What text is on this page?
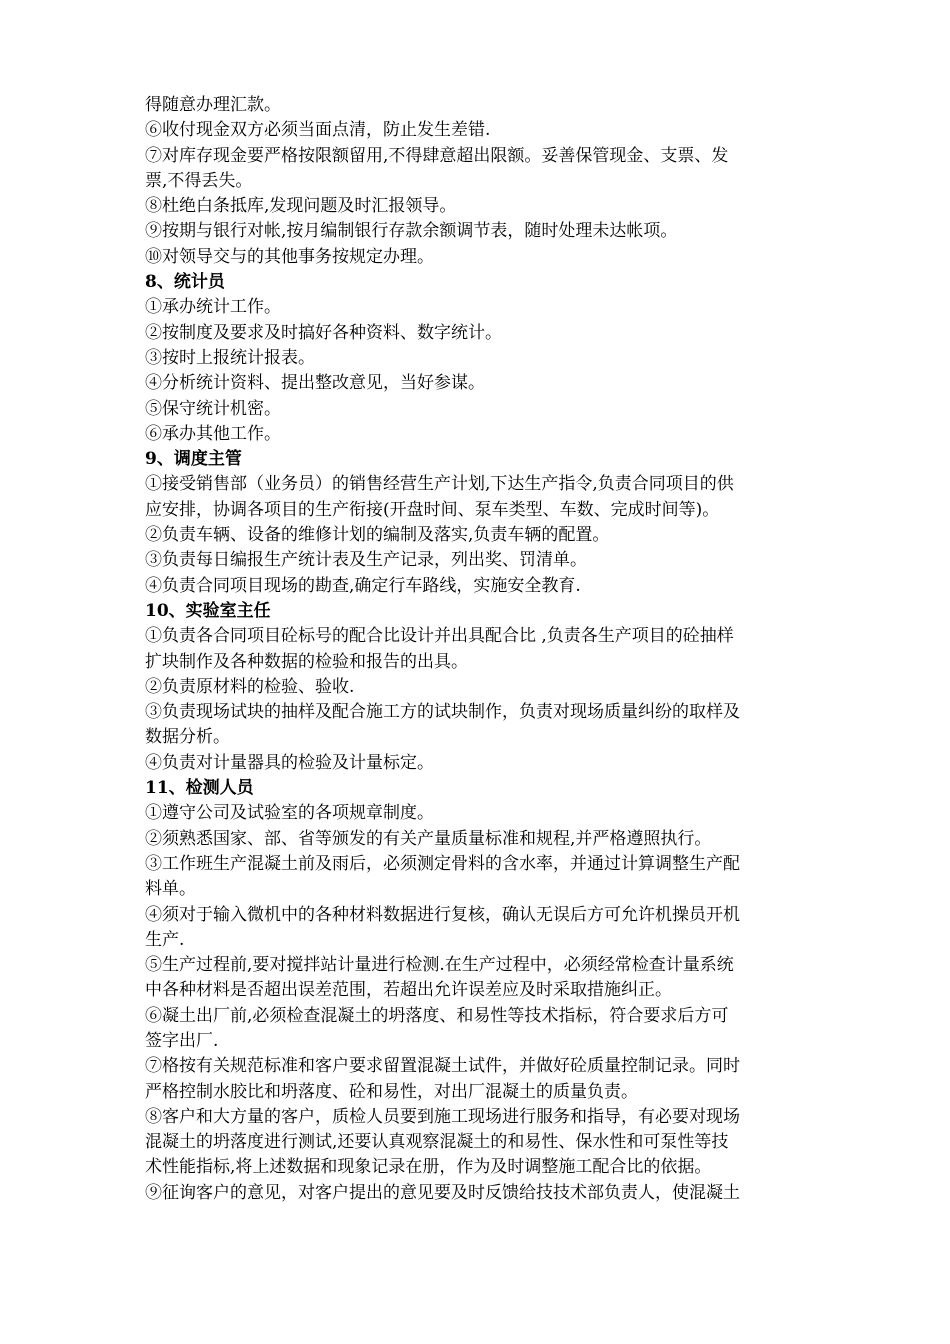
得随意办理汇款。
⑥收付现金双方必须当面点清，防止发生差错.
⑦对库存现金要严格按限额留用,不得肆意超出限额。妥善保管现金、支票、发
票,不得丢失。
⑧杜绝白条抵库,发现问题及时汇报领导。
⑨按期与银行对帐,按月编制银行存款余额调节表，随时处理未达帐项。
⑩对领导交与的其他事务按规定办理。
8、统计员
①承办统计工作。
②按制度及要求及时搞好各种资料、数字统计。
③按时上报统计报表。
④分析统计资料、提出整改意见，当好参谋。
⑤保守统计机密。
⑥承办其他工作。
9、调度主管
①接受销售部（业务员）的销售经营生产计划,下达生产指令,负责合同项目的供
应安排，协调各项目的生产衔接(开盘时间、泵车类型、车数、完成时间等)。
②负责车辆、设备的维修计划的编制及落实,负责车辆的配置。
③负责每日编报生产统计表及生产记录，列出奖、罚清单。
④负责合同项目现场的勘查,确定行车路线，实施安全教育.
10、实验室主任
①负责各合同项目砼标号的配合比设计并出具配合比 ,负责各生产项目的砼抽样
扩块制作及各种数据的检验和报告的出具。
②负责原材料的检验、验收.
③负责现场试块的抽样及配合施工方的试块制作，负责对现场质量纠纷的取样及
数据分析。
④负责对计量器具的检验及计量标定。
11、检测人员
①遵守公司及试验室的各项规章制度。
②须熟悉国家、部、省等颁发的有关产量质量标准和规程,并严格遵照执行。
③工作班生产混凝土前及雨后，必须测定骨料的含水率，并通过计算调整生产配
料单。
④须对于输入微机中的各种材料数据进行复核，确认无误后方可允许机操员开机
生产.
⑤生产过程前,要对搅拌站计量进行检测.在生产过程中，必须经常检查计量系统
中各种材料是否超出误差范围，若超出允许误差应及时采取措施纠正。
⑥凝土出厂前,必须检查混凝土的坍落度、和易性等技术指标，符合要求后方可
签字出厂.
⑦格按有关规范标准和客户要求留置混凝土试件，并做好砼质量控制记录。同时
严格控制水胶比和坍落度、砼和易性，对出厂混凝土的质量负责。
⑧客户和大方量的客户，质检人员要到施工现场进行服务和指导，有必要对现场
混凝土的坍落度进行测试,还要认真观察混凝土的和易性、保水性和可泵性等技
术性能指标,将上述数据和现象记录在册，作为及时调整施工配合比的依据。
⑨征询客户的意见，对客户提出的意见要及时反馈给技技术部负责人，使混凝土
